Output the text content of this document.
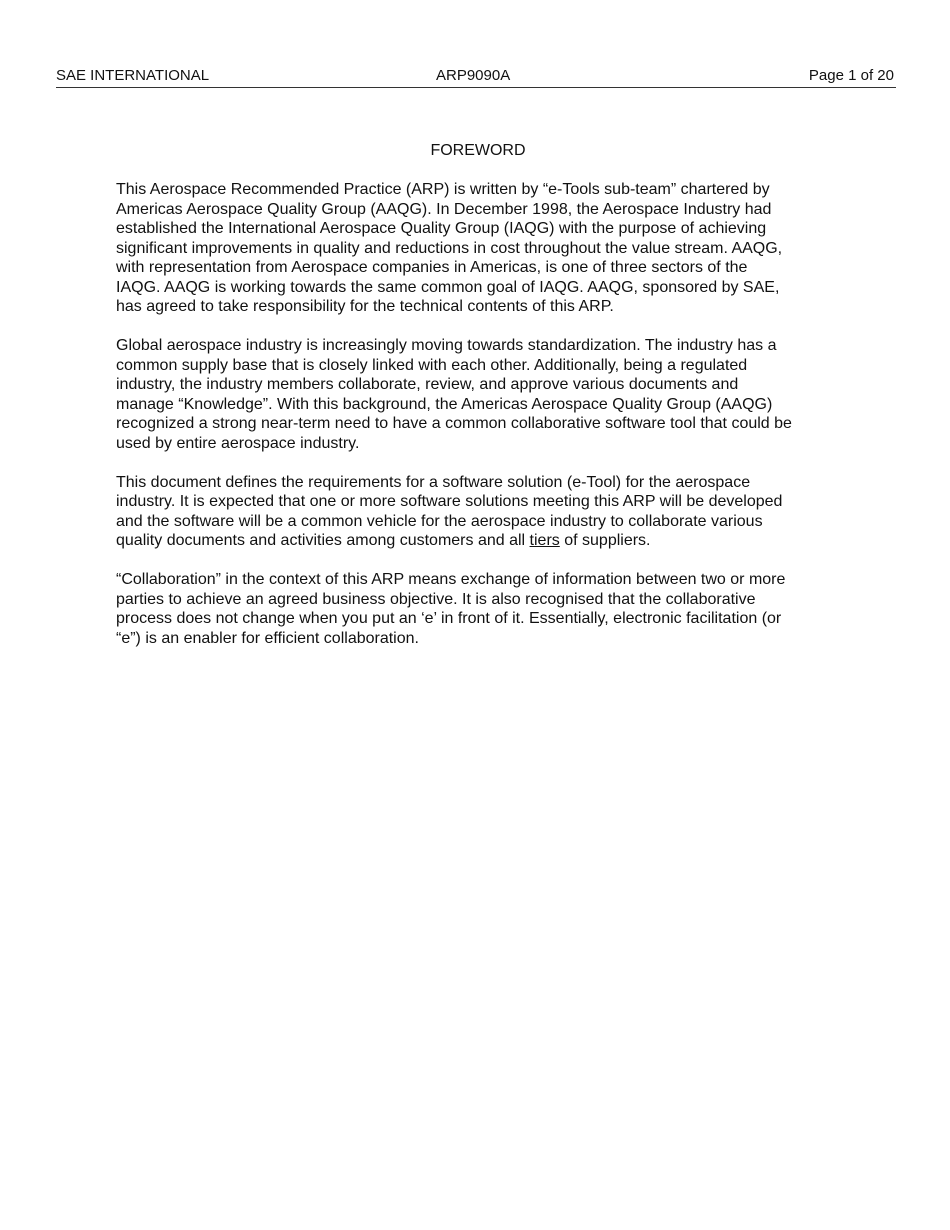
SAE INTERNATIONAL	ARP9090A	Page 1 of 20
FOREWORD

This Aerospace Recommended Practice (ARP) is written by “e-Tools sub-team” chartered by
Americas Aerospace Quality Group (AAQG). In December 1998, the Aerospace Industry had
established the International Aerospace Quality Group (IAQG) with the purpose of achieving
significant improvements in quality and reductions in cost throughout the value stream. AAQG,
with representation from Aerospace companies in Americas, is one of three sectors of the
IAQG. AAQG is working towards the same common goal of IAQG. AAQG, sponsored by SAE,
has agreed to take responsibility for the technical contents of this ARP.

Global aerospace industry is increasingly moving towards standardization. The industry has a
common supply base that is closely linked with each other. Additionally, being a regulated
industry, the industry members collaborate, review, and approve various documents and
manage “Knowledge”. With this background, the Americas Aerospace Quality Group (AAQG)
recognized a strong near-term need to have a common collaborative software tool that could be
used by entire aerospace industry.

This document defines the requirements for a software solution (e-Tool) for the aerospace
industry. It is expected that one or more software solutions meeting this ARP will be developed
and the software will be a common vehicle for the aerospace industry to collaborate various
quality documents and activities among customers and all tiers of suppliers.

“Collaboration” in the context of this ARP means exchange of information between two or more
parties to achieve an agreed business objective. It is also recognised that the collaborative
process does not change when you put an ‘e’ in front of it. Essentially, electronic facilitation (or
“e”) is an enabler for efficient collaboration.
